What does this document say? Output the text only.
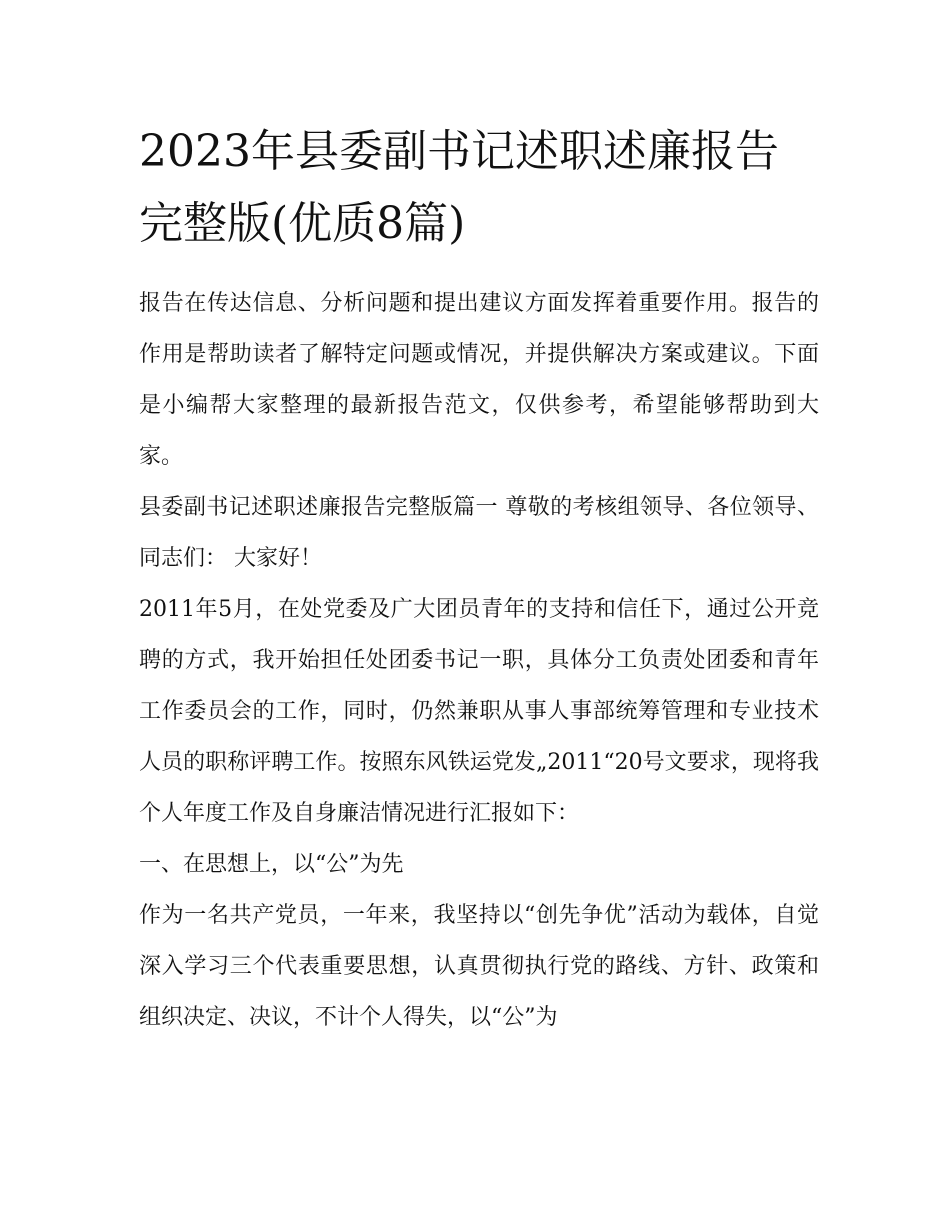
2023年县委副书记述职述廉报告完整版(优质8篇)

报告在传达信息、分析问题和提出建议方面发挥着重要作用。报告的作用是帮助读者了解特定问题或情况，并提供解决方案或建议。下面是小编帮大家整理的最新报告范文，仅供参考，希望能够帮助到大家。

县委副书记述职述廉报告完整版篇一 尊敬的考核组领导、各位领导、同志们： 大家好！

2011年5月，在处党委及广大团员青年的支持和信任下，通过公开竞聘的方式，我开始担任处团委书记一职，具体分工负责处团委和青年工作委员会的工作，同时，仍然兼职从事人事部统筹管理和专业技术人员的职称评聘工作。按照东风铁运党发„2011“20号文要求，现将我个人年度工作及自身廉洁情况进行汇报如下：

一、在思想上，以“公”为先

作为一名共产党员，一年来，我坚持以“创先争优”活动为载体，自觉深入学习三个代表重要思想，认真贯彻执行党的路线、方针、政策和组织决定、决议，不计个人得失，以“公”为
